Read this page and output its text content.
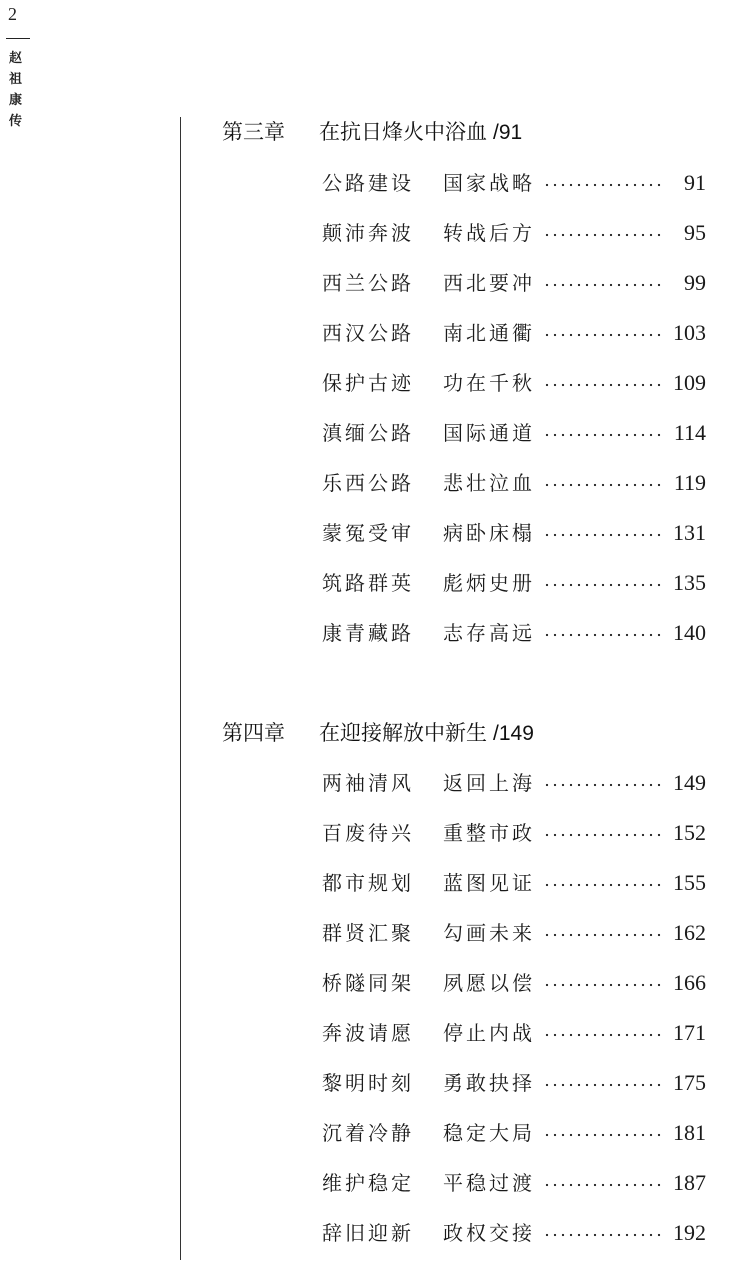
2
赵祖康传	第三章 在抗日烽火中浴血 /91
公路建设 国家战略	91
颠沛奔波 转战后方	95
西兰公路 西北要冲	99
西汉公路 南北通衢	103
保护古迹 功在千秋	109
滇缅公路 国际通道	114
乐西公路 悲壮泣血	119
蒙冤受审 病卧床榻	131
筑路群英 彪炳史册	135
康青藏路 志存高远	140
第四章 在迎接解放中新生 /149
两袖清风 返回上海	149
百废待兴 重整市政	152
都市规划 蓝图见证	155
群贤汇聚 勾画未来	162
桥隧同架 夙愿以偿	166
奔波请愿 停止内战	171
黎明时刻 勇敢抉择	175
沉着冷静 稳定大局	181
维护稳定 平稳过渡	187
辞旧迎新 政权交接	192
